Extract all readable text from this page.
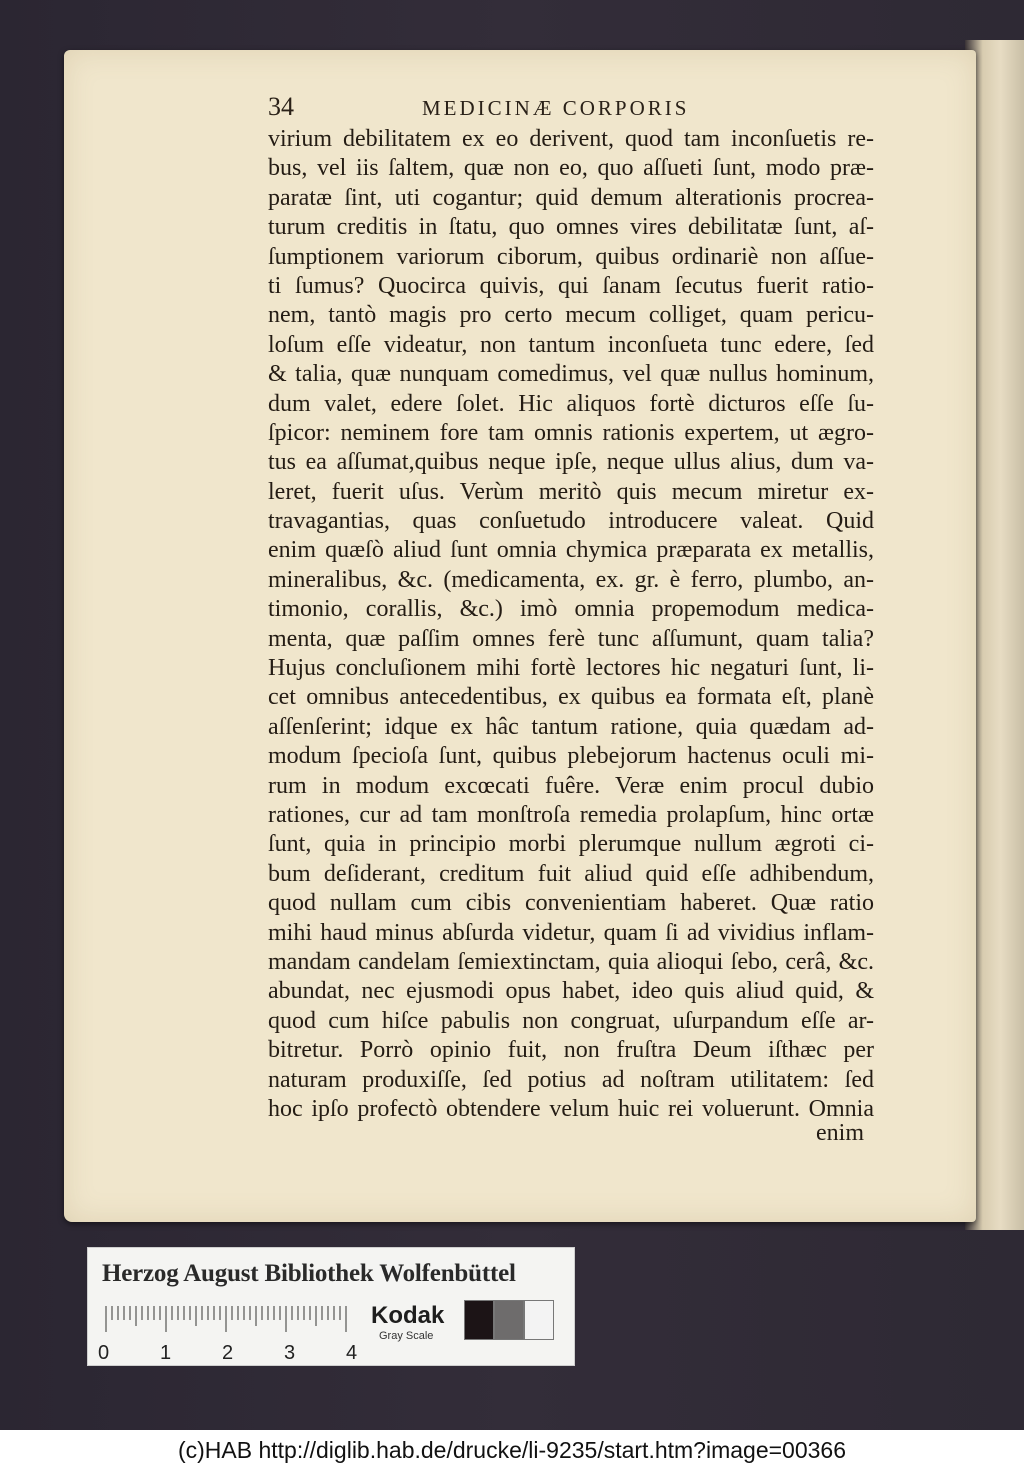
34	MEDICINÆ CORPORIS
virium debilitatem ex eo derivent, quod tam inconſuetis re-
bus, vel iis ſaltem, quæ non eo, quo aſſueti ſunt, modo præ-
paratæ ſint, uti cogantur; quid demum alterationis procrea-
turum creditis in ſtatu, quo omnes vires debilitatæ ſunt, aſ-
ſumptionem variorum ciborum, quibus ordinariè non aſſue-
ti ſumus? Quocirca quivis, qui ſanam ſecutus fuerit ratio-
nem, tantò magis pro certo mecum colliget, quam pericu-
loſum eſſe videatur, non tantum inconſueta tunc edere, ſed
& talia, quæ nunquam comedimus, vel quæ nullus hominum,
dum valet, edere ſolet. Hic aliquos fortè dicturos eſſe ſu-
ſpicor: neminem fore tam omnis rationis expertem, ut ægro-
tus ea aſſumat,quibus neque ipſe, neque ullus alius, dum va-
leret, fuerit uſus. Verùm meritò quis mecum miretur ex-
travagantias, quas conſuetudo introducere valeat. Quid
enim quæſò aliud ſunt omnia chymica præparata ex metallis,
mineralibus, &c. (medicamenta, ex. gr. è ferro, plumbo, an-
timonio, corallis, &c.) imò omnia propemodum medica-
menta, quæ paſſim omnes ferè tunc aſſumunt, quam talia?
Hujus concluſionem mihi fortè lectores hic negaturi ſunt, li-
cet omnibus antecedentibus, ex quibus ea formata eſt, planè
aſſenſerint; idque ex hâc tantum ratione, quia quædam ad-
modum ſpecioſa ſunt, quibus plebejorum hactenus oculi mi-
rum in modum excœcati fuêre. Veræ enim procul dubio
rationes, cur ad tam monſtroſa remedia prolapſum, hinc ortæ
ſunt, quia in principio morbi plerumque nullum ægroti ci-
bum deſiderant, creditum fuit aliud quid eſſe adhibendum,
quod nullam cum cibis convenientiam haberet. Quæ ratio
mihi haud minus abſurda videtur, quam ſi ad vividius inflam-
mandam candelam ſemiextinctam, quia alioqui ſebo, cerâ, &c.
abundat, nec ejusmodi opus habet, ideo quis aliud quid, &
quod cum hiſce pabulis non congruat, uſurpandum eſſe ar-
bitretur. Porrò opinio fuit, non fruſtra Deum iſthæc per
naturam produxiſſe, ſed potius ad noſtram utilitatem: ſed
hoc ipſo profectò obtendere velum huic rei voluerunt. Omnia
enim
Herzog August Bibliothek Wolfenbüttel
0	1	2	3	4
Kodak
Gray Scale
(c)HAB http://diglib.hab.de/drucke/li-9235/start.htm?image=00366
